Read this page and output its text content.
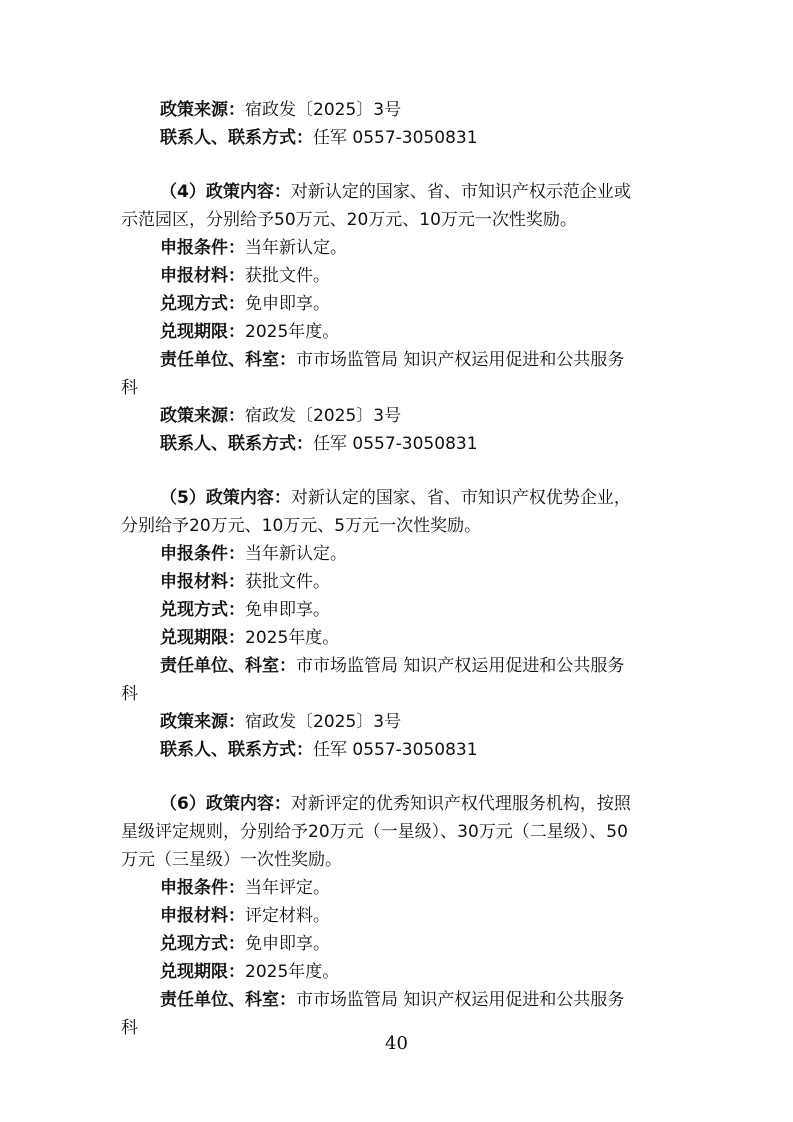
政策来源：宿政发〔2025〕3号
联系人、联系方式：任军 0557-3050831
（4）政策内容：对新认定的国家、省、市知识产权示范企业或
示范园区，分别给予50万元、20万元、10万元一次性奖励。
申报条件：当年新认定。
申报材料：获批文件。
兑现方式：免申即享。
兑现期限：2025年度。
责任单位、科室：市市场监管局 知识产权运用促进和公共服务
科
政策来源：宿政发〔2025〕3号
联系人、联系方式：任军 0557-3050831
（5）政策内容：对新认定的国家、省、市知识产权优势企业，
分别给予20万元、10万元、5万元一次性奖励。
申报条件：当年新认定。
申报材料：获批文件。
兑现方式：免申即享。
兑现期限：2025年度。
责任单位、科室：市市场监管局 知识产权运用促进和公共服务
科
政策来源：宿政发〔2025〕3号
联系人、联系方式：任军 0557-3050831
（6）政策内容：对新评定的优秀知识产权代理服务机构，按照
星级评定规则，分别给予20万元（一星级）、30万元（二星级）、50
万元（三星级）一次性奖励。
申报条件：当年评定。
申报材料：评定材料。
兑现方式：免申即享。
兑现期限：2025年度。
责任单位、科室：市市场监管局 知识产权运用促进和公共服务
科
40
